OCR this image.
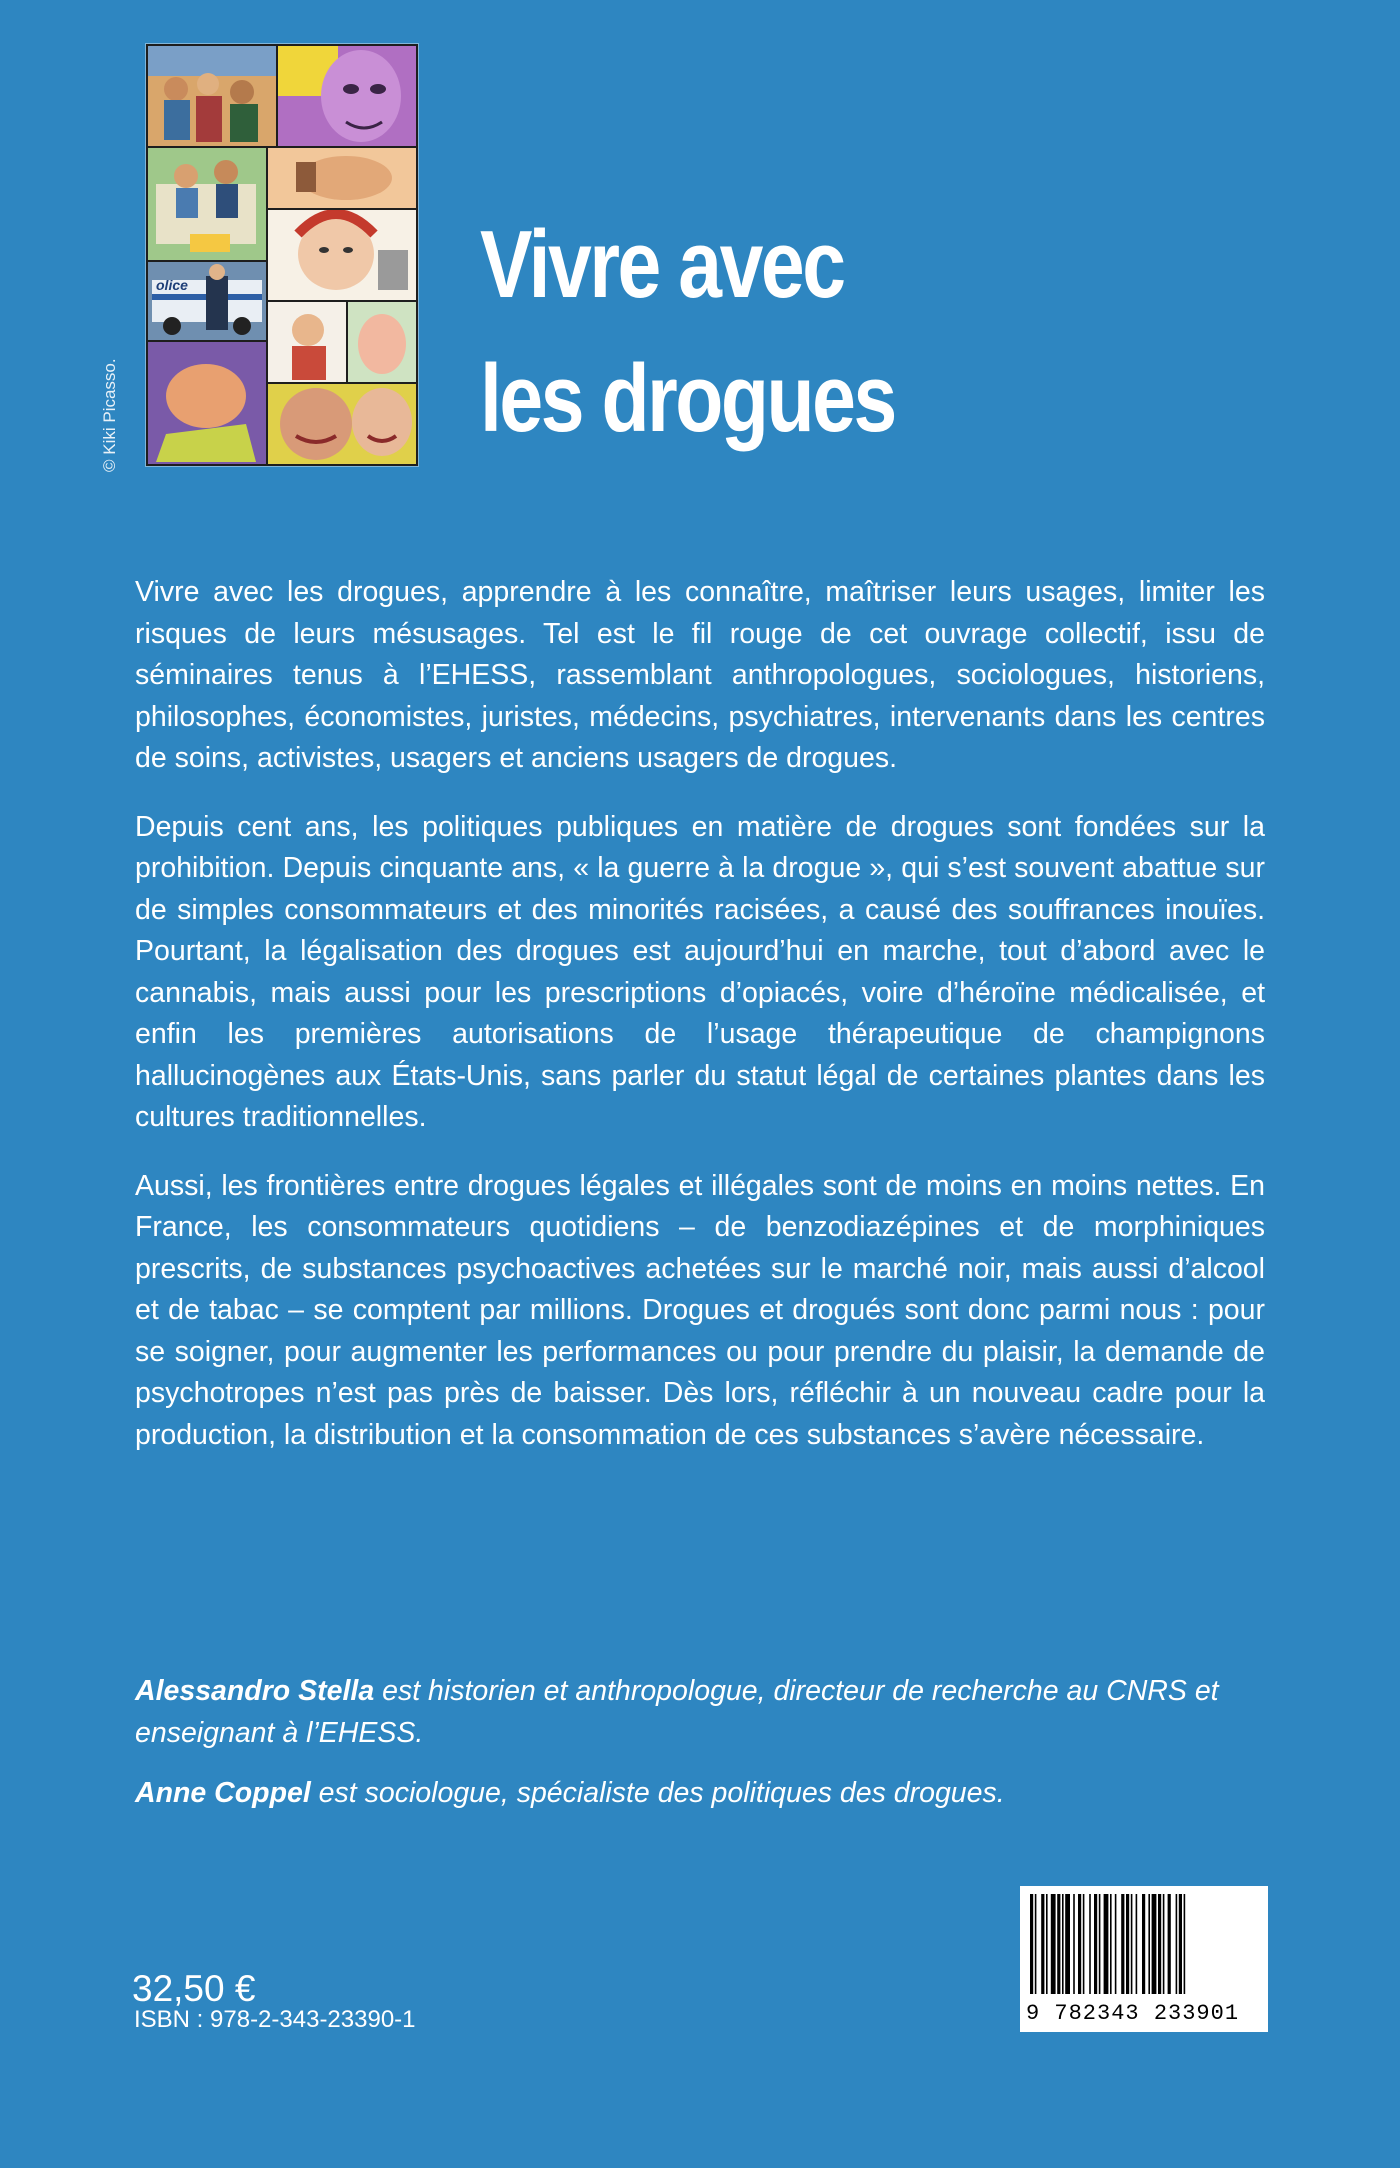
© Kiki Picasso.
olice	Vivre avec
les drogues

Vivre avec les drogues, apprendre à les connaître, maîtriser leurs usages, limiter les risques de leurs mésusages. Tel est le fil rouge de cet ouvrage collectif, issu de séminaires tenus à l’EHESS, rassemblant anthropologues, sociologues, historiens, philosophes, économistes, juristes, médecins, psychiatres, intervenants dans les centres de soins, activistes, usagers et anciens usagers de drogues.

Depuis cent ans, les politiques publiques en matière de drogues sont fondées sur la prohibition. Depuis cinquante ans, « la guerre à la drogue », qui s’est souvent abattue sur de simples consommateurs et des minorités racisées, a causé des souffrances inouïes. Pourtant, la légalisation des drogues est aujourd’hui en marche, tout d’abord avec le cannabis, mais aussi pour les prescriptions d’opiacés, voire d’héroïne médicalisée, et enfin les premières autorisations de l’usage thérapeutique de champignons hallucinogènes aux États-Unis, sans parler du statut légal de certaines plantes dans les cultures traditionnelles.

Aussi, les frontières entre drogues légales et illégales sont de moins en moins nettes. En France, les consommateurs quotidiens – de benzodiazépines et de morphiniques prescrits, de substances psychoactives achetées sur le marché noir, mais aussi d’alcool et de tabac – se comptent par millions. Drogues et drogués sont donc parmi nous : pour se soigner, pour augmenter les performances ou pour prendre du plaisir, la demande de psychotropes n’est pas près de baisser. Dès lors, réfléchir à un nouveau cadre pour la production, la distribution et la consommation de ces substances s’avère nécessaire.

Alessandro Stella est historien et anthropologue, directeur de recherche au CNRS et enseignant à l’EHESS.

Anne Coppel est sociologue, spécialiste des politiques des drogues.

32,50 €
ISBN : 978-2-343-23390-1	9 782343 233901
